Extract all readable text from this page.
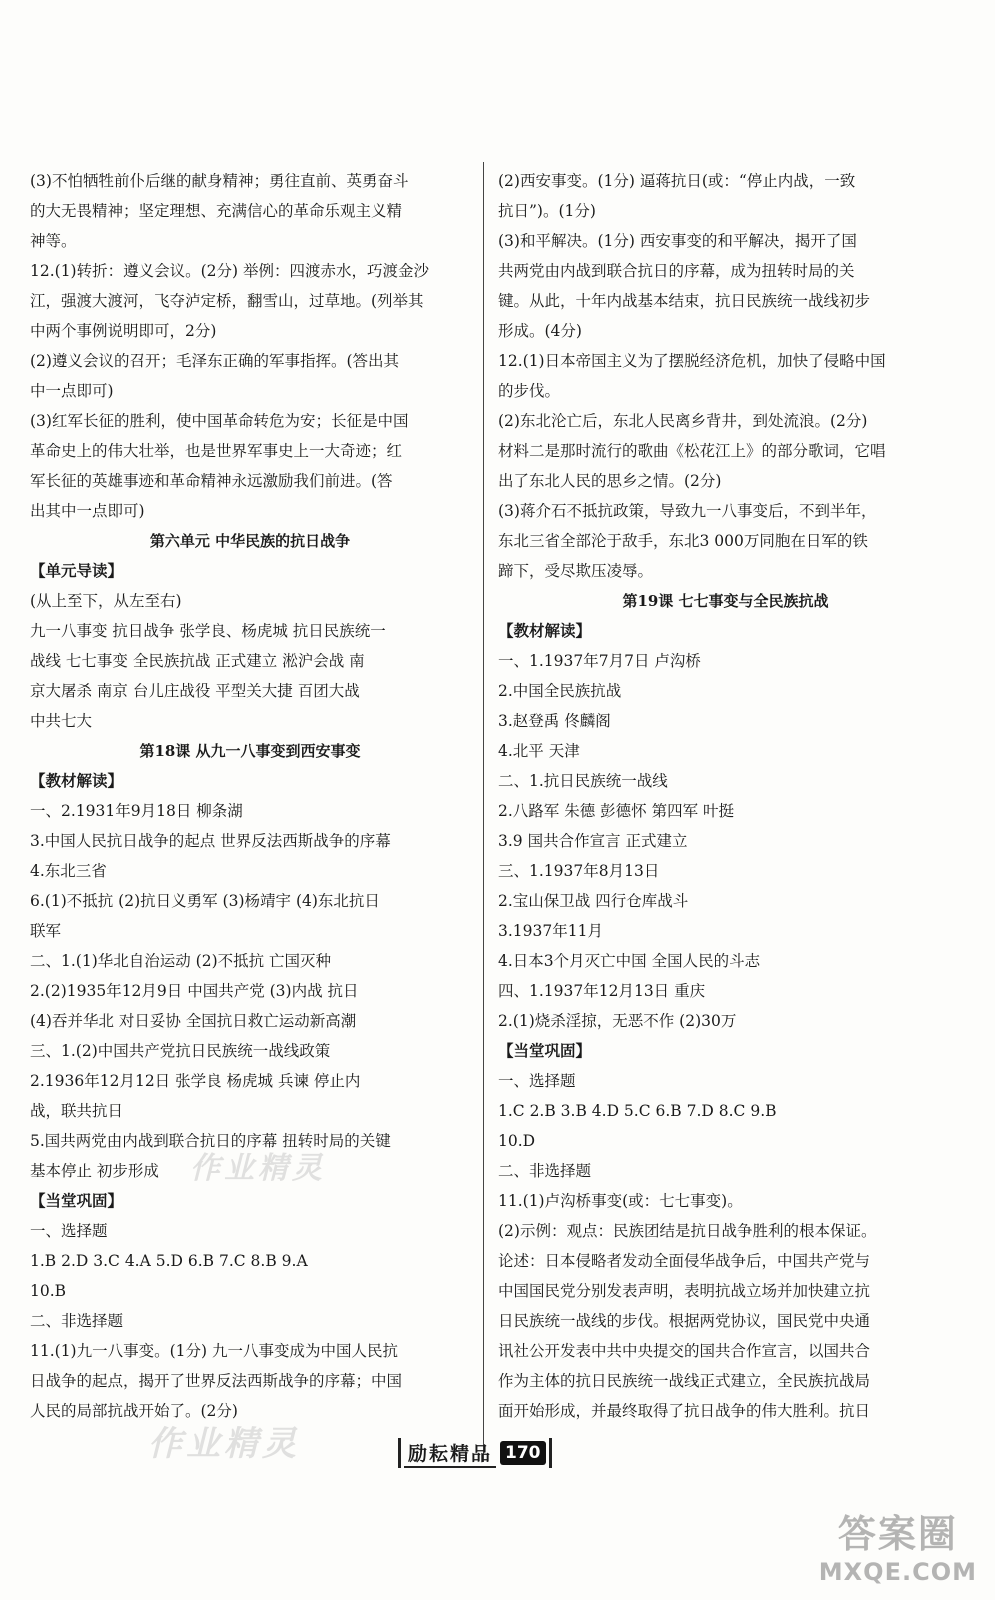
(3)不怕牺牲前仆后继的献身精神；勇往直前、英勇奋斗
的大无畏精神；坚定理想、充满信心的革命乐观主义精
神等。
12.(1)转折：遵义会议。(2分) 举例：四渡赤水，巧渡金沙
江，强渡大渡河，飞夺泸定桥，翻雪山，过草地。(列举其
中两个事例说明即可，2分)
(2)遵义会议的召开；毛泽东正确的军事指挥。(答出其
中一点即可)
(3)红军长征的胜利，使中国革命转危为安；长征是中国
革命史上的伟大壮举，也是世界军事史上一大奇迹；红
军长征的英雄事迹和革命精神永远激励我们前进。(答
出其中一点即可)
第六单元 中华民族的抗日战争
【单元导读】
(从上至下，从左至右)
九一八事变 抗日战争 张学良、杨虎城 抗日民族统一
战线 七七事变 全民族抗战 正式建立 淞沪会战 南
京大屠杀 南京 台儿庄战役 平型关大捷 百团大战
中共七大
第18课 从九一八事变到西安事变
【教材解读】
一、2.1931年9月18日 柳条湖
3.中国人民抗日战争的起点 世界反法西斯战争的序幕
4.东北三省
6.(1)不抵抗 (2)抗日义勇军 (3)杨靖宇 (4)东北抗日
联军
二、1.(1)华北自治运动 (2)不抵抗 亡国灭种
2.(2)1935年12月9日 中国共产党 (3)内战 抗日
(4)吞并华北 对日妥协 全国抗日救亡运动新高潮
三、1.(2)中国共产党抗日民族统一战线政策
2.1936年12月12日 张学良 杨虎城 兵谏 停止内
战，联共抗日
5.国共两党由内战到联合抗日的序幕 扭转时局的关键
基本停止 初步形成
【当堂巩固】
一、选择题
1.B 2.D 3.C 4.A 5.D 6.B 7.C 8.B 9.A
10.B
二、非选择题
11.(1)九一八事变。(1分) 九一八事变成为中国人民抗
日战争的起点，揭开了世界反法西斯战争的序幕；中国
人民的局部抗战开始了。(2分)
(2)西安事变。(1分) 逼蒋抗日(或：“停止内战，一致
抗日”)。(1分)
(3)和平解决。(1分) 西安事变的和平解决，揭开了国
共两党由内战到联合抗日的序幕，成为扭转时局的关
键。从此，十年内战基本结束，抗日民族统一战线初步
形成。(4分)
12.(1)日本帝国主义为了摆脱经济危机，加快了侵略中国
的步伐。
(2)东北沦亡后，东北人民离乡背井，到处流浪。(2分)
材料二是那时流行的歌曲《松花江上》的部分歌词，它唱
出了东北人民的思乡之情。(2分)
(3)蒋介石不抵抗政策，导致九一八事变后，不到半年，
东北三省全部沦于敌手，东北3 000万同胞在日军的铁
蹄下，受尽欺压凌辱。
第19课 七七事变与全民族抗战
【教材解读】
一、1.1937年7月7日 卢沟桥
2.中国全民族抗战
3.赵登禹 佟麟阁
4.北平 天津
二、1.抗日民族统一战线
2.八路军 朱德 彭德怀 第四军 叶挺
3.9 国共合作宣言 正式建立
三、1.1937年8月13日
2.宝山保卫战 四行仓库战斗
3.1937年11月
4.日本3个月灭亡中国 全国人民的斗志
四、1.1937年12月13日 重庆
2.(1)烧杀淫掠，无恶不作 (2)30万
【当堂巩固】
一、选择题
1.C 2.B 3.B 4.D 5.C 6.B 7.D 8.C 9.B
10.D
二、非选择题
11.(1)卢沟桥事变(或：七七事变)。
(2)示例：观点：民族团结是抗日战争胜利的根本保证。
论述：日本侵略者发动全面侵华战争后，中国共产党与
中国国民党分别发表声明，表明抗战立场并加快建立抗
日民族统一战线的步伐。根据两党协议，国民党中央通
讯社公开发表中共中央提交的国共合作宣言，以国共合
作为主体的抗日民族统一战线正式建立，全民族抗战局
面开始形成，并最终取得了抗日战争的伟大胜利。抗日
作业精灵
作业精灵	励耘精品 170
答案圈
MXQE.COM
